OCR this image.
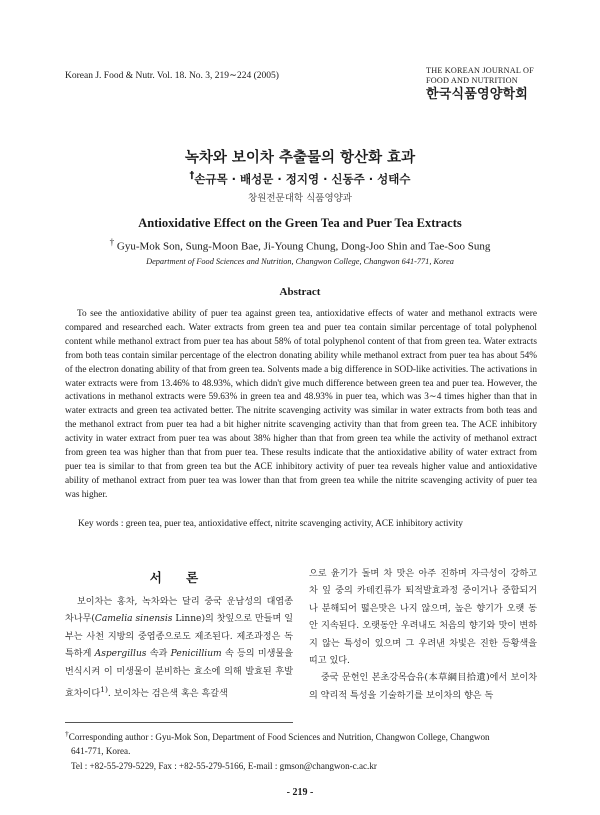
Korean J. Food & Nutr. Vol. 18. No. 3, 219∼224 (2005)
THE KOREAN JOURNAL OF
FOOD AND NUTRITION
한국식품영양학회
녹차와 보이차 추출물의 항산화 효과
†손규목 · 배성문 · 정지영 · 신동주 · 성태수
창원전문대학 식품영양과
Antioxidative Effect on the Green Tea and Puer Tea Extracts
† Gyu-Mok Son, Sung-Moon Bae, Ji-Young Chung, Dong-Joo Shin and Tae-Soo Sung
Department of Food Sciences and Nutrition, Changwon College, Changwon 641-771, Korea
Abstract

To see the antioxidative ability of puer tea against green tea, antioxidative effects of water and methanol extracts were compared and researched each. Water extracts from green tea and puer tea contain similar percentage of total polyphenol content while methanol extract from puer tea has about 58% of total polyphenol content of that from green tea. Water extracts from both teas contain similar percentage of the electron donating ability while methanol extract from puer tea has about 54% of the electron donating ability of that from green tea. Solvents made a big difference in SOD-like activities. The activations in water extracts were from 13.46% to 48.93%, which didn't give much difference between green tea and puer tea. However, the activations in methanol extracts were 59.63% in green tea and 48.93% in puer tea, which was 3∼4 times higher than that in water extracts and green tea activated better. The nitrite scavenging activity was similar in water extracts from both teas and the methanol extract from puer tea had a bit higher nitrite scavenging activity than that from green tea. The ACE inhibitory activity in water extract from puer tea was about 38% higher than that from green tea while the activity of methanol extract from green tea was higher than that from puer tea. These results indicate that the antioxidative ability of water extract from puer tea is similar to that from green tea but the ACE inhibitory activity of puer tea reveals higher value and antioxidative ability of methanol extract from puer tea was lower than that from green tea while the nitrite scavenging activity of puer tea was higher.

Key words : green tea, puer tea, antioxidative effect, nitrite scavenging activity, ACE inhibitory activity
서 론

보이차는 홍차, 녹차와는 달리 중국 운남성의 대엽종 차나무(Camelia sinensis Linne)의 찻잎으로 만들며 일부는 사천 지방의 중엽종으로도 제조된다. 제조과정은 독특하게 Aspergillus 속과 Penicillium 속 등의 미생물을 번식시켜 이 미생물이 분비하는 효소에 의해 발효된 후발효차이다$^{1)}$. 보이차는 검은색 혹은 흑갈색

으로 윤기가 돌며 차 맛은 아주 진하며 자극성이 강하고 차 잎 중의 카테킨류가 퇴적발효과정 중이거나 중합되거나 분해되어 떫은맛은 나지 않으며, 높은 향기가 오랫 동안 지속된다. 오랫동안 우려내도 처음의 향기와 맛이 변하지 않는 특성이 있으며 그 우려낸 차빛은 진한 등황색을 띠고 있다.

중국 문헌인 본초강목습유(本草綱目拾遺)에서 보이차의 약리적 특성을 기술하기를 보이차의 향은 독

†Corresponding author : Gyu-Mok Son, Department of Food Sciences and Nutrition, Changwon College, Changwon
641-771, Korea.
Tel : +82-55-279-5229, Fax : +82-55-279-5166, E-mail : gmson@changwon-c.ac.kr
- 219 -
